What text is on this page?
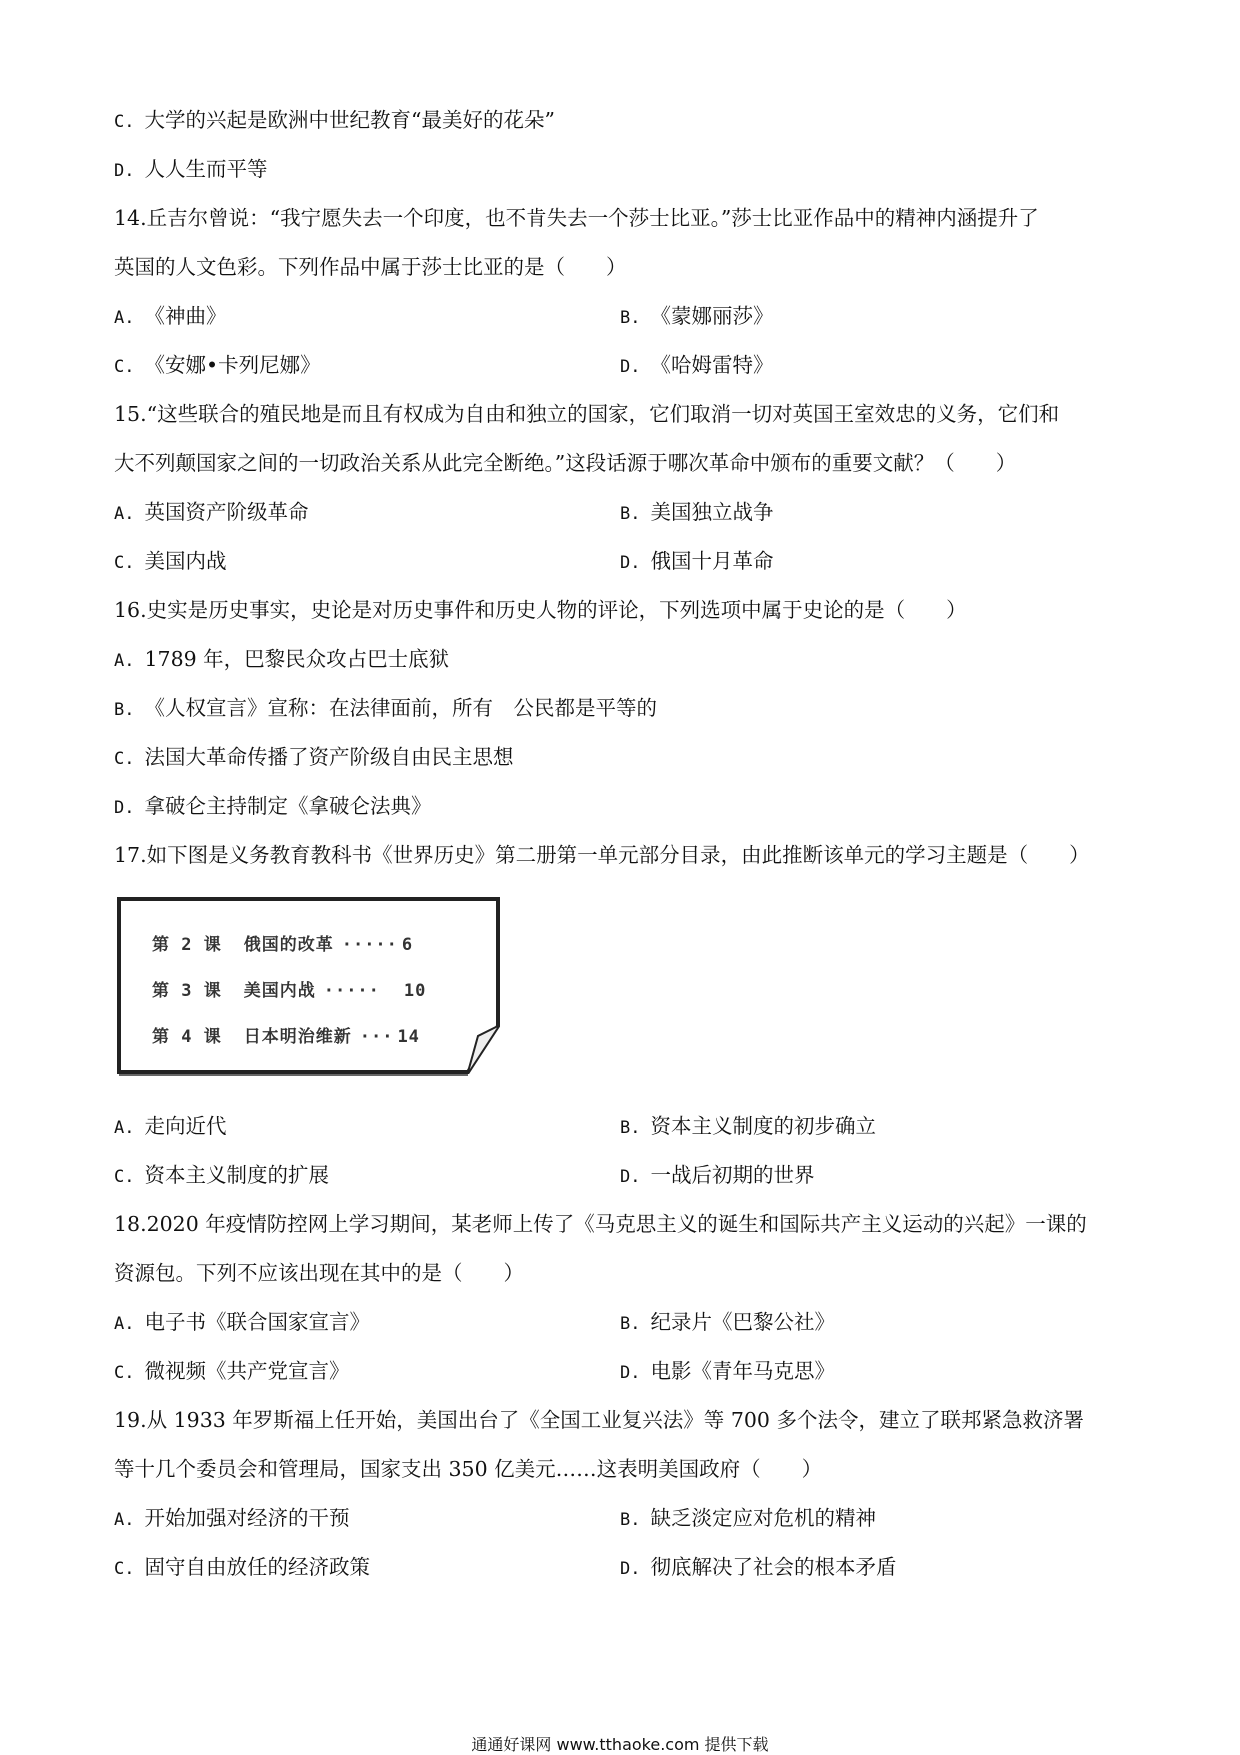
C. 大学的兴起是欧洲中世纪教育“最美好的花朵”
D. 人人生而平等
14.丘吉尔曾说：“我宁愿失去一个印度，也不肯失去一个莎士比亚。”莎士比亚作品中的精神内涵提升了
英国的人文色彩。下列作品中属于莎士比亚的是（　　）
A. 《神曲》	B. 《蒙娜丽莎》
C. 《安娜•卡列尼娜》	D. 《哈姆雷特》
15.“这些联合的殖民地是而且有权成为自由和独立的国家，它们取消一切对英国王室效忠的义务，它们和
大不列颠国家之间的一切政治关系从此完全断绝。”这段话源于哪次革命中颁布的重要文献？（　　）
A. 英国资产阶级革命	B. 美国独立战争
C. 美国内战	D. 俄国十月革命
16.史实是历史事实，史论是对历史事件和历史人物的评论，下列选项中属于史论的是（　　）
A. 1789 年，巴黎民众攻占巴士底狱
B. 《人权宣言》宣称：在法律面前，所有　公民都是平等的
C. 法国大革命传播了资产阶级自由民主思想
D. 拿破仑主持制定《拿破仑法典》
17.如下图是义务教育教科书《世界历史》第二册第一单元部分目录，由此推断该单元的学习主题是（　　）
第 2 课 俄国的改革 ····· 6
第 3 课 美国内战 ····· 10
第 4 课 日本明治维新 ··· 14
A. 走向近代	B. 资本主义制度的初步确立
C. 资本主义制度的扩展	D. 一战后初期的世界
18.2020 年疫情防控网上学习期间，某老师上传了《马克思主义的诞生和国际共产主义运动的兴起》一课的
资源包。下列不应该出现在其中的是（　　）
A. 电子书《联合国家宣言》	B. 纪录片《巴黎公社》
C. 微视频《共产党宣言》	D. 电影《青年马克思》
19.从 1933 年罗斯福上任开始，美国出台了《全国工业复兴法》等 700 多个法令，建立了联邦紧急救济署
等十几个委员会和管理局，国家支出 350 亿美元……这表明美国政府（　　）
A. 开始加强对经济的干预	B. 缺乏淡定应对危机的精神
C. 固守自由放任的经济政策	D. 彻底解决了社会的根本矛盾
通通好课网 www.tthaoke.com 提供下载
